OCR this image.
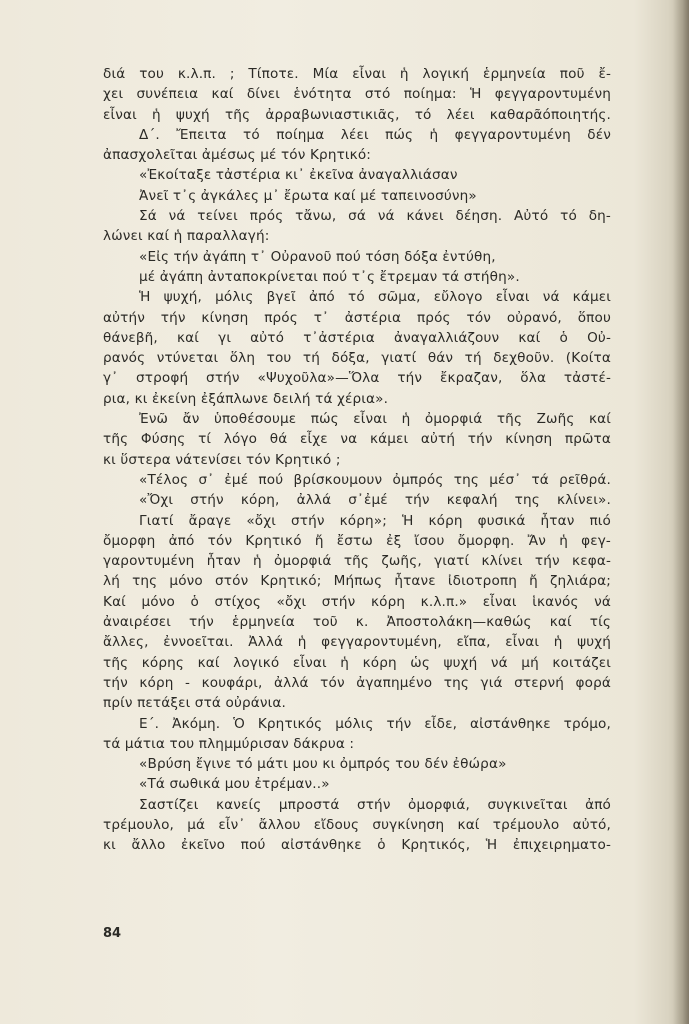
διά του κ.λ.π. ; Τίποτε. Μία εἶναι ἡ λογική ἑρμηνεία ποῦ ἔ-
χει συνέπεια καί δίνει ἑνότητα στό ποίημα: Ἡ φεγγαροντυμένη
εἶναι ἡ ψυχή τῆς ἀρραβωνιαστικιᾶς, τό λέει καθαρᾶόποιητής.
Δ΄. Ἔπειτα τό ποίημα λέει πώς ἡ φεγγαροντυμένη δέν
ἀπασχολεῖται ἀμέσως μέ τόν Κρητικό:
«Ἐκοίταξε τἀστέρια κι᾽ ἐκεῖνα ἀναγαλλιάσαν
Ἀνεῖ τ᾽ς ἀγκάλες μ᾽ ἔρωτα καί μέ ταπεινοσύνη»
Σά νά τείνει πρός τἄνω, σά νά κάνει δέηση. Αὐτό τό δη-
λώνει καί ἡ παραλλαγή:
«Εἰς τήν ἀγάπη τ᾽ Οὐρανοῦ πού τόση δόξα ἐντύθη,
μέ ἀγάπη ἀνταποκρίνεται πού τ᾽ς ἔτρεμαν τά στήθη».
Ἡ ψυχή, μόλις βγεῖ ἀπό τό σῶμα, εὔλογο εἶναι νά κάμει
αὐτήν τήν κίνηση πρός τ᾽ ἀστέρια πρός τόν οὐρανό, ὅπου
θάνεβῆ, καί γι αὐτό τ᾽ἀστέρια ἀναγαλλιάζουν καί ὁ Οὐ-
ρανός ντύνεται ὅλη του τή δόξα, γιατί θάν τή δεχθοῦν. (Κοίτα
γ᾽ στροφή στήν «Ψυχοῦλα»—Ὅλα τήν ἔκραζαν, ὅλα τἀστέ-
ρια, κι ἐκείνη ἐξάπλωνε δειλή τά χέρια».
Ἐνῶ ἄν ὑποθέσουμε πώς εἶναι ἡ ὀμορφιά τῆς Ζωῆς καί
τῆς Φύσης τί λόγο θά εἶχε να κάμει αὐτή τήν κίνηση πρῶτα
κι ὕστερα νάτενίσει τόν Κρητικό ;
«Τέλος σ᾽ ἐμέ πού βρίσκουμουν ὀμπρός της μέσ᾽ τά ρεῖθρά.
«Ὄχι στήν κόρη, ἀλλά σ᾽ἐμέ τήν κεφαλή της κλίνει».
Γιατί ἄραγε «ὄχι στήν κόρη»; Ἡ κόρη φυσικά ἦταν πιό
ὄμορφη ἀπό τόν Κρητικό ἤ ἔστω ἐξ ἴσου ὄμορφη. Ἄν ἡ φεγ-
γαροντυμένη ἦταν ἡ ὀμορφιά τῆς ζωῆς, γιατί κλίνει τήν κεφα-
λή της μόνο στόν Κρητικό; Μήπως ἦτανε ἰδιοτροπη ἤ ζηλιάρα;
Καί μόνο ὁ στίχος «ὄχι στήν κόρη κ.λ.π.» εἶναι ἱκανός νά
ἀναιρέσει τήν ἑρμηνεία τοῦ κ. Ἀποστολάκη—καθώς καί τίς
ἄλλες, ἐννοεῖται. Ἀλλά ἡ φεγγαροντυμένη, εἴπα, εἶναι ἡ ψυχή
τῆς κόρης καί λογικό εἶναι ἡ κόρη ὡς ψυχή νά μή κοιτάζει
τήν κόρη - κουφάρι, ἀλλά τόν ἀγαπημένο της γιά στερνή φορά
πρίν πετάξει στά οὐράνια.
Ε΄. Ἀκόμη. Ὁ Κρητικός μόλις τήν εἶδε, αἰστάνθηκε τρόμο,
τά μάτια του πλημμύρισαν δάκρυα :
«Βρύση ἔγινε τό μάτι μου κι ὀμπρός του δέν ἐθώρα»
«Τά σωθικά μου ἐτρέμαν..»
Σαστίζει κανείς μπροστά στήν ὀμορφιά, συγκινεῖται ἀπό
τρέμουλο, μά εἶν᾽ ἄλλου εἴδους συγκίνηση καί τρέμουλο αὐτό,
κι ἄλλο ἐκεῖνο πού αἰστάνθηκε ὁ Κρητικός, Ἡ ἐπιχειρηματο-
84
